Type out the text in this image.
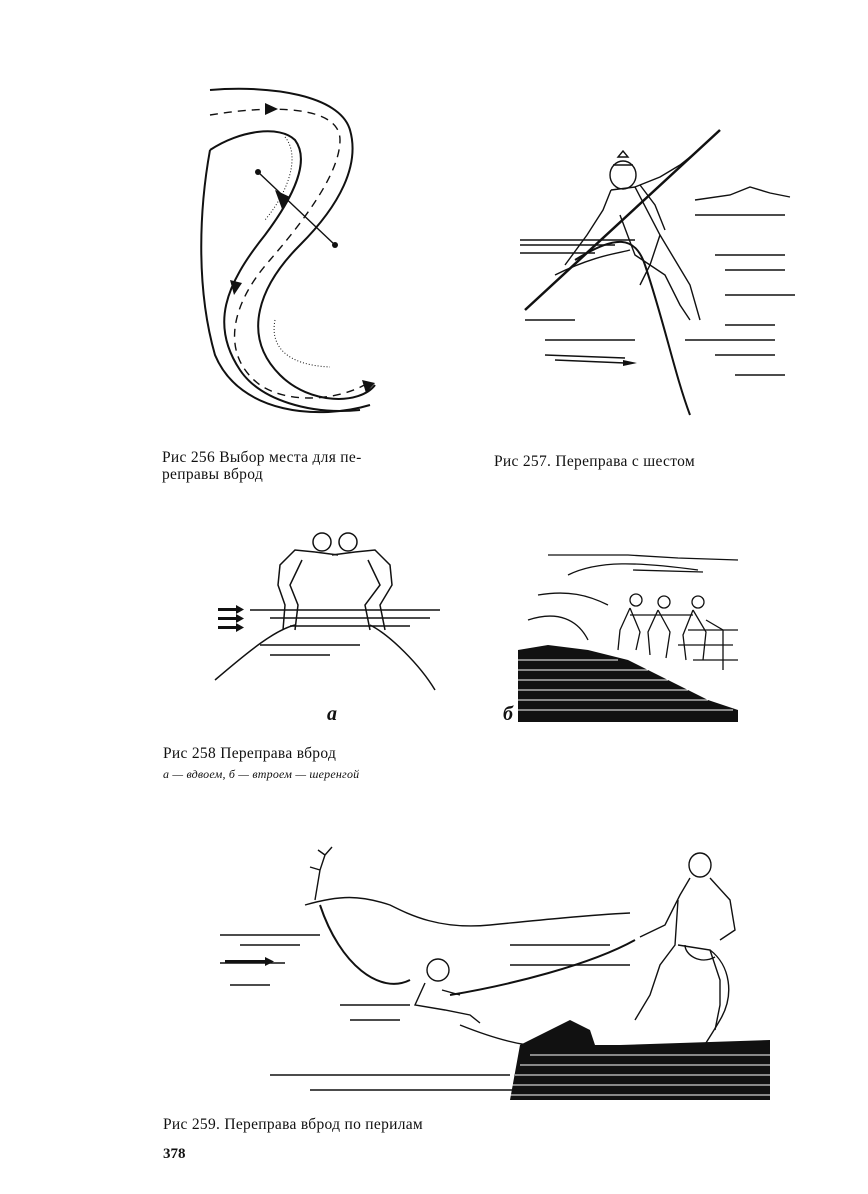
Рис 256 Выбор места для пе-
реправы вброд
Рис 257. Переправа с шестом
а	б
Рис 258 Переправа вброд
а — вдвоем, б — втроем — шеренгой
Рис 259. Переправа вброд по перилам
378
